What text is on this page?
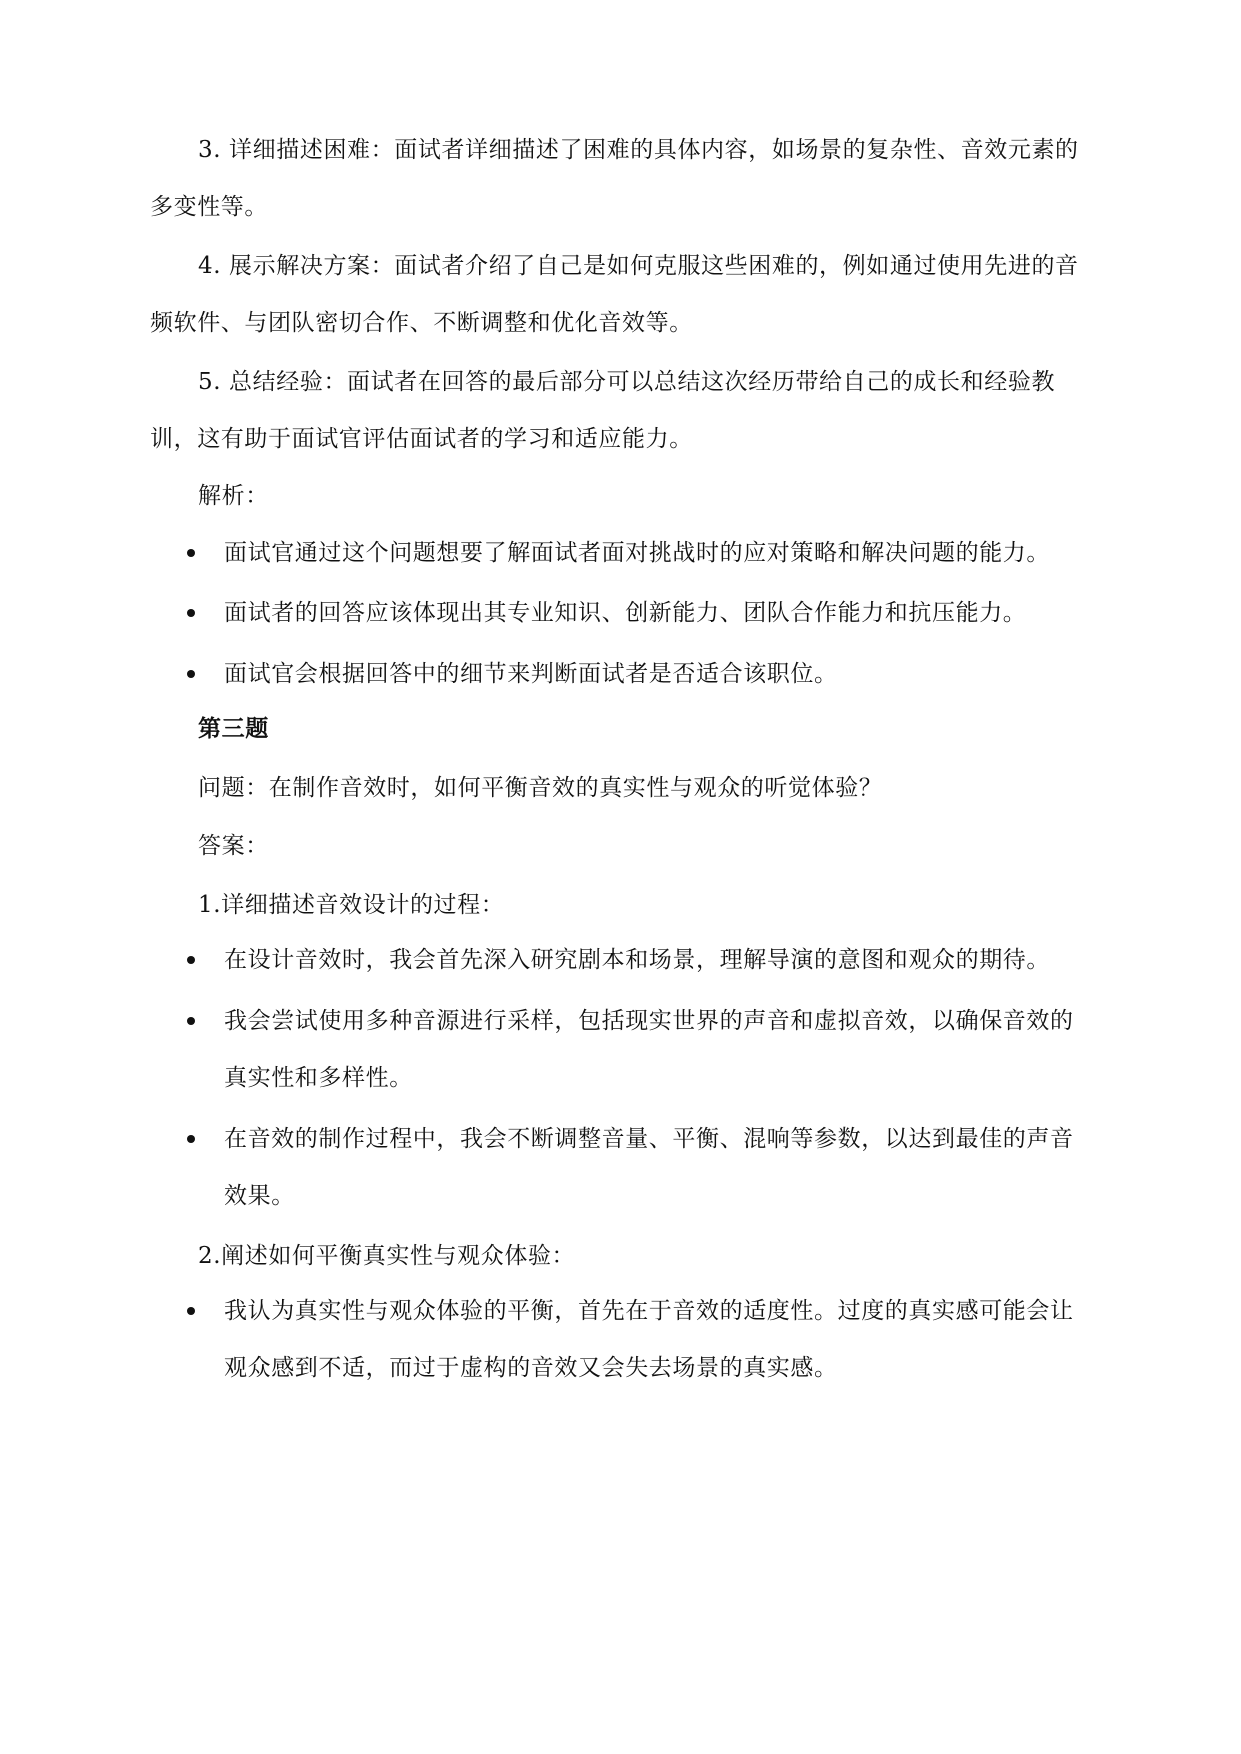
3. 详细描述困难：面试者详细描述了困难的具体内容，如场景的复杂性、音效元素的多变性等。

4. 展示解决方案：面试者介绍了自己是如何克服这些困难的，例如通过使用先进的音频软件、与团队密切合作、不断调整和优化音效等。

5. 总结经验：面试者在回答的最后部分可以总结这次经历带给自己的成长和经验教训，这有助于面试官评估面试者的学习和适应能力。

解析：
面试官通过这个问题想要了解面试者面对挑战时的应对策略和解决问题的能力。
面试者的回答应该体现出其专业知识、创新能力、团队合作能力和抗压能力。
面试官会根据回答中的细节来判断面试者是否适合该职位。
第三题
问题：在制作音效时，如何平衡音效的真实性与观众的听觉体验？
答案：
1.详细描述音效设计的过程：
在设计音效时，我会首先深入研究剧本和场景，理解导演的意图和观众的期待。
我会尝试使用多种音源进行采样，包括现实世界的声音和虚拟音效，以确保音效的真实性和多样性。
在音效的制作过程中，我会不断调整音量、平衡、混响等参数，以达到最佳的声音效果。
2.阐述如何平衡真实性与观众体验：
我认为真实性与观众体验的平衡，首先在于音效的适度性。过度的真实感可能会让观众感到不适，而过于虚构的音效又会失去场景的真实感。
